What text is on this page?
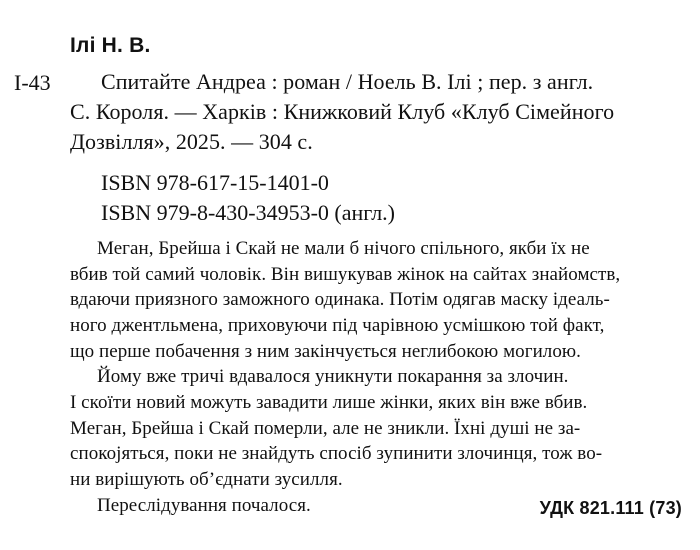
Ілі Н. В.
І-43 Спитайте Андреа : роман / Ноель В. Ілі ; пер. з англ.
С. Короля. — Харків : Книжковий Клуб «Клуб Сімейного
Дозвілля», 2025. — 304 с.
ISBN 978-617-15-1401-0
ISBN 979-8-430-34953-0 (англ.)
Меган, Брейша і Скай не мали б нічого спільного, якби їх не
вбив той самий чоловік. Він вишукував жінок на сайтах знайомств,
вдаючи приязного заможного одинака. Потім одягав маску ідеаль-
ного джентльмена, приховуючи під чарівною усмішкою той факт,
що перше побачення з ним закінчується неглибокою могилою.
Йому вже тричі вдавалося уникнути покарання за злочин.
І скоїти новий можуть завадити лише жінки, яких він вже вбив.
Меган, Брейша і Скай померли, але не зникли. Їхні душі не за-
спокојяться, поки не знайдуть спосіб зупинити злочинця, тож во-
ни вирішують об’єднати зусилля.
Переслідування почалося.	УДК 821.111 (73)
